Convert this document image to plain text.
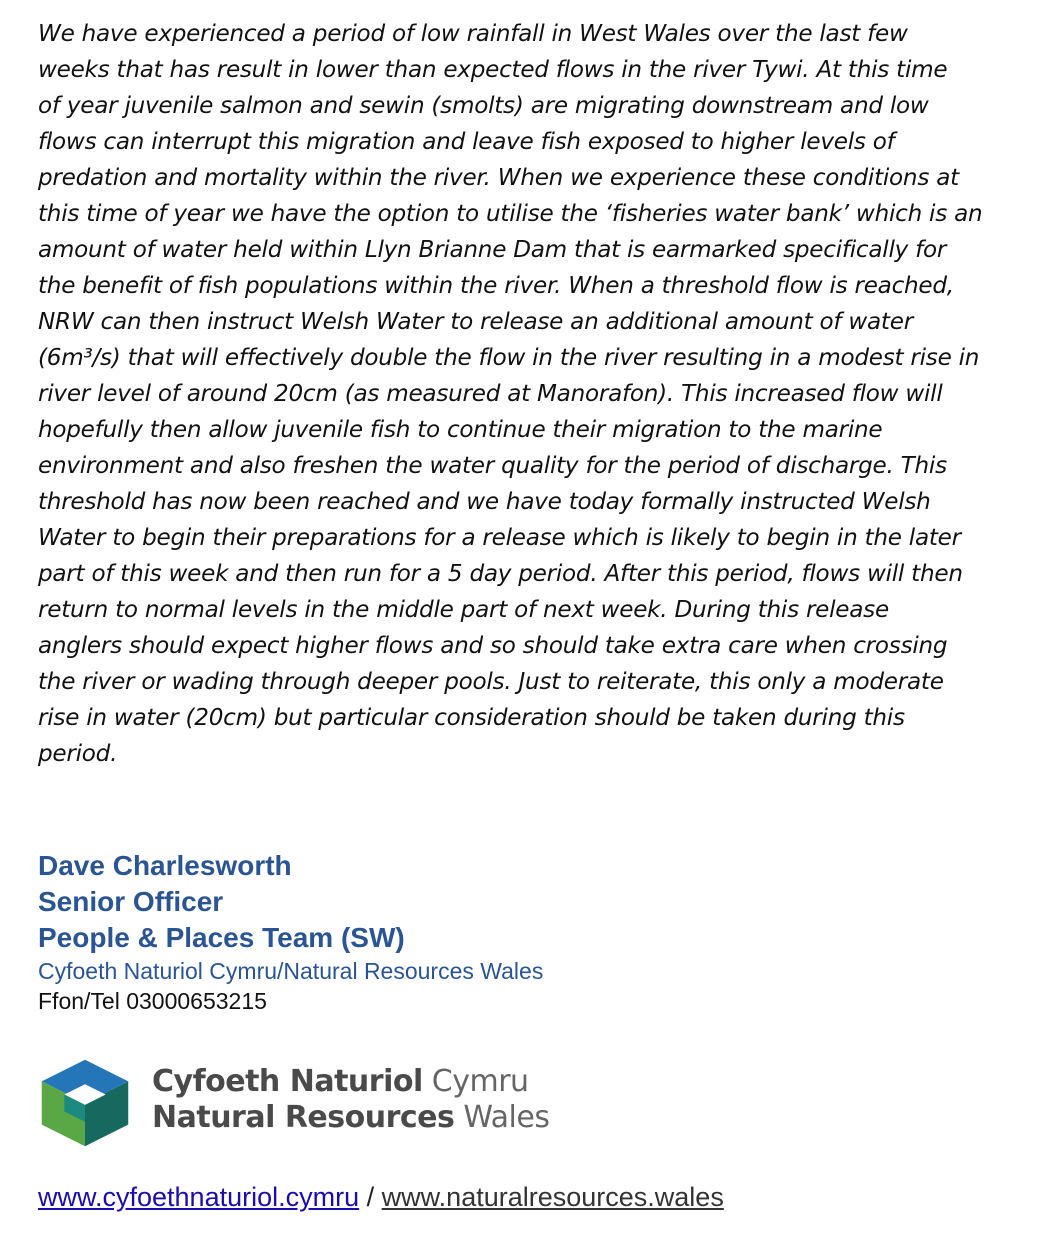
We have experienced a period of low rainfall in West Wales over the last few
weeks that has result in lower than expected flows in the river Tywi. At this time
of year juvenile salmon and sewin (smolts) are migrating downstream and low
flows can interrupt this migration and leave fish exposed to higher levels of
predation and mortality within the river. When we experience these conditions at
this time of year we have the option to utilise the ‘fisheries water bank’ which is an
amount of water held within Llyn Brianne Dam that is earmarked specifically for
the benefit of fish populations within the river. When a threshold flow is reached,
NRW can then instruct Welsh Water to release an additional amount of water
(6m³/s) that will effectively double the flow in the river resulting in a modest rise in
river level of around 20cm (as measured at Manorafon). This increased flow will
hopefully then allow juvenile fish to continue their migration to the marine
environment and also freshen the water quality for the period of discharge. This
threshold has now been reached and we have today formally instructed Welsh
Water to begin their preparations for a release which is likely to begin in the later
part of this week and then run for a 5 day period. After this period, flows will then
return to normal levels in the middle part of next week. During this release
anglers should expect higher flows and so should take extra care when crossing
the river or wading through deeper pools. Just to reiterate, this only a moderate
rise in water (20cm) but particular consideration should be taken during this
period.
Dave Charlesworth
Senior Officer
People & Places Team (SW)
Cyfoeth Naturiol Cymru/Natural Resources Wales
Ffon/Tel 03000653215
Cyfoeth Naturiol Cymru
Natural Resources Wales
www.cyfoethnaturiol.cymru / www.naturalresources.wales
